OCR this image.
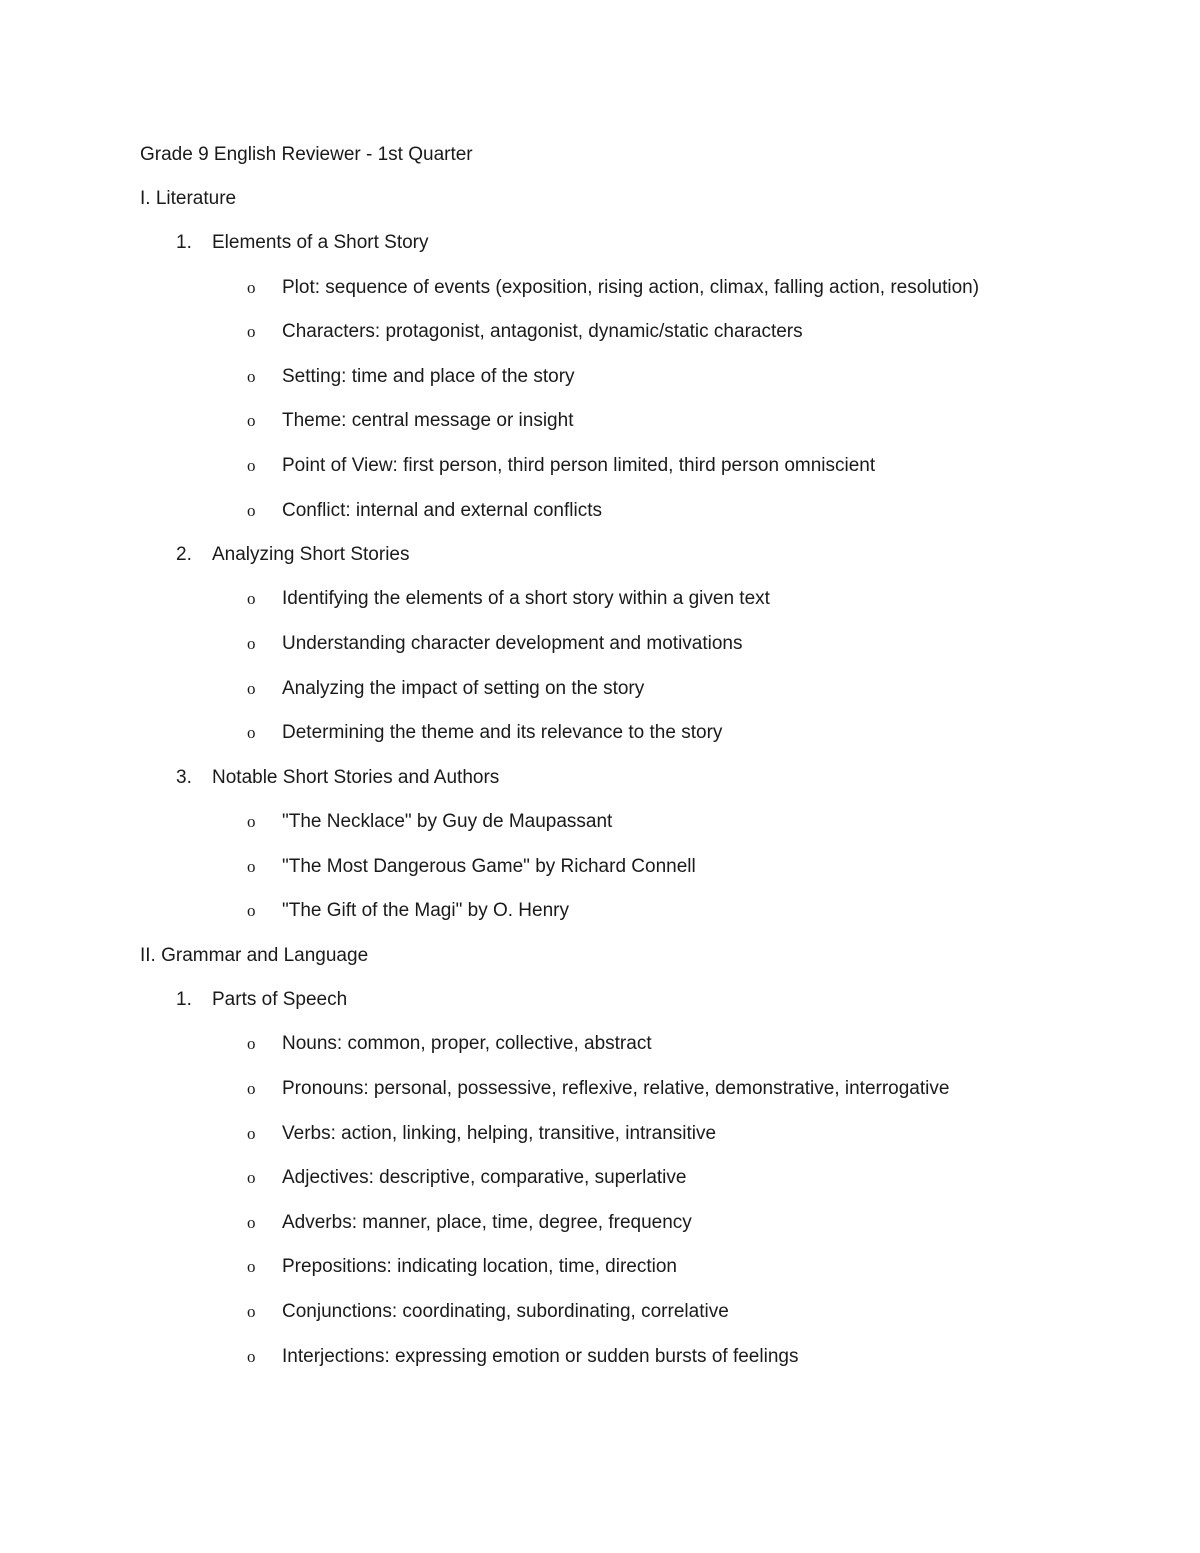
Grade 9 English Reviewer - 1st Quarter
I. Literature
1. Elements of a Short Story
o Plot: sequence of events (exposition, rising action, climax, falling action, resolution)
o Characters: protagonist, antagonist, dynamic/static characters
o Setting: time and place of the story
o Theme: central message or insight
o Point of View: first person, third person limited, third person omniscient
o Conflict: internal and external conflicts
2. Analyzing Short Stories
o Identifying the elements of a short story within a given text
o Understanding character development and motivations
o Analyzing the impact of setting on the story
o Determining the theme and its relevance to the story
3. Notable Short Stories and Authors
o "The Necklace" by Guy de Maupassant
o "The Most Dangerous Game" by Richard Connell
o "The Gift of the Magi" by O. Henry
II. Grammar and Language
1. Parts of Speech
o Nouns: common, proper, collective, abstract
o Pronouns: personal, possessive, reflexive, relative, demonstrative, interrogative
o Verbs: action, linking, helping, transitive, intransitive
o Adjectives: descriptive, comparative, superlative
o Adverbs: manner, place, time, degree, frequency
o Prepositions: indicating location, time, direction
o Conjunctions: coordinating, subordinating, correlative
o Interjections: expressing emotion or sudden bursts of feelings
